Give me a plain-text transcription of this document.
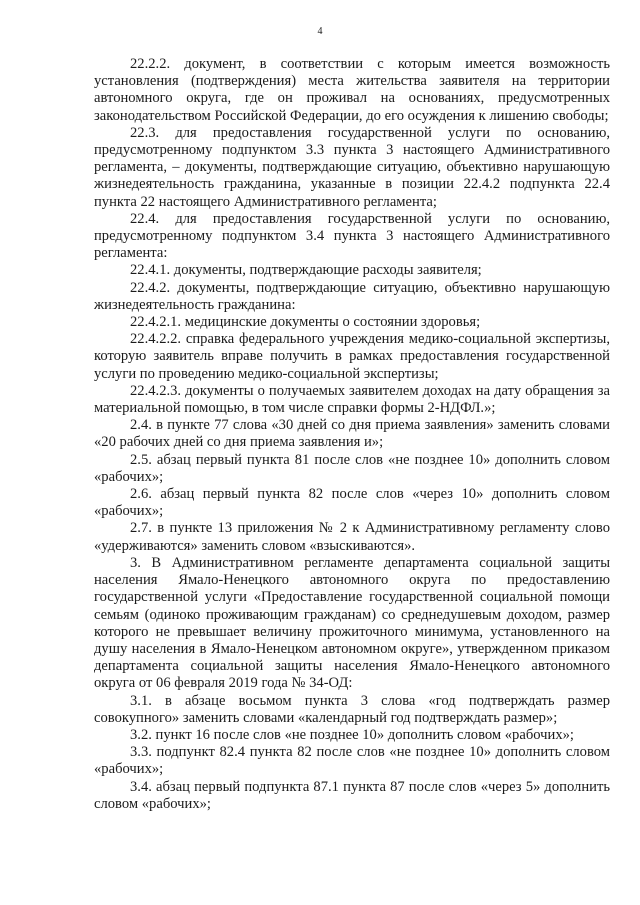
4

22.2.2. документ, в соответствии с которым имеется возможность установления (подтверждения) места жительства заявителя на территории автономного округа, где он проживал на основаниях, предусмотренных законодательством Российской Федерации, до его осуждения к лишению свободы;

22.3. для предоставления государственной услуги по основанию, предусмотренному подпунктом 3.3 пункта 3 настоящего Административного регламента, – документы, подтверждающие ситуацию, объективно нарушающую жизнедеятельность гражданина, указанные в позиции 22.4.2 подпункта 22.4 пункта 22 настоящего Административного регламента;

22.4. для предоставления государственной услуги по основанию, предусмотренному подпунктом 3.4 пункта 3 настоящего Административного регламента:

22.4.1. документы, подтверждающие расходы заявителя;

22.4.2. документы, подтверждающие ситуацию, объективно нарушающую жизнедеятельность гражданина:

22.4.2.1. медицинские документы о состоянии здоровья;

22.4.2.2. справка федерального учреждения медико-социальной экспертизы, которую заявитель вправе получить в рамках предоставления государственной услуги по проведению медико-социальной экспертизы;

22.4.2.3. документы о получаемых заявителем доходах на дату обращения за материальной помощью, в том числе справки формы 2-НДФЛ.»;

2.4. в пункте 77 слова «30 дней со дня приема заявления» заменить словами «20 рабочих дней со дня приема заявления и»;

2.5. абзац первый пункта 81 после слов «не позднее 10» дополнить словом «рабочих»;

2.6. абзац первый пункта 82 после слов «через 10» дополнить словом «рабочих»;

2.7. в пункте 13 приложения № 2 к Административному регламенту слово «удерживаются» заменить словом «взыскиваются».

3. В Административном регламенте департамента социальной защиты населения Ямало-Ненецкого автономного округа по предоставлению государственной услуги «Предоставление государственной социальной помощи семьям (одиноко проживающим гражданам) со среднедушевым доходом, размер которого не превышает величину прожиточного минимума, установленного на душу населения в Ямало-Ненецком автономном округе», утвержденном приказом департамента социальной защиты населения Ямало-Ненецкого автономного округа от 06 февраля 2019 года № 34-ОД:

3.1. в абзаце восьмом пункта 3 слова «год подтверждать размер совокупного» заменить словами «календарный год подтверждать размер»;

3.2. пункт 16 после слов «не позднее 10» дополнить словом «рабочих»;

3.3. подпункт 82.4 пункта 82 после слов «не позднее 10» дополнить словом «рабочих»;

3.4. абзац первый подпункта 87.1 пункта 87 после слов «через 5» дополнить словом «рабочих»;
